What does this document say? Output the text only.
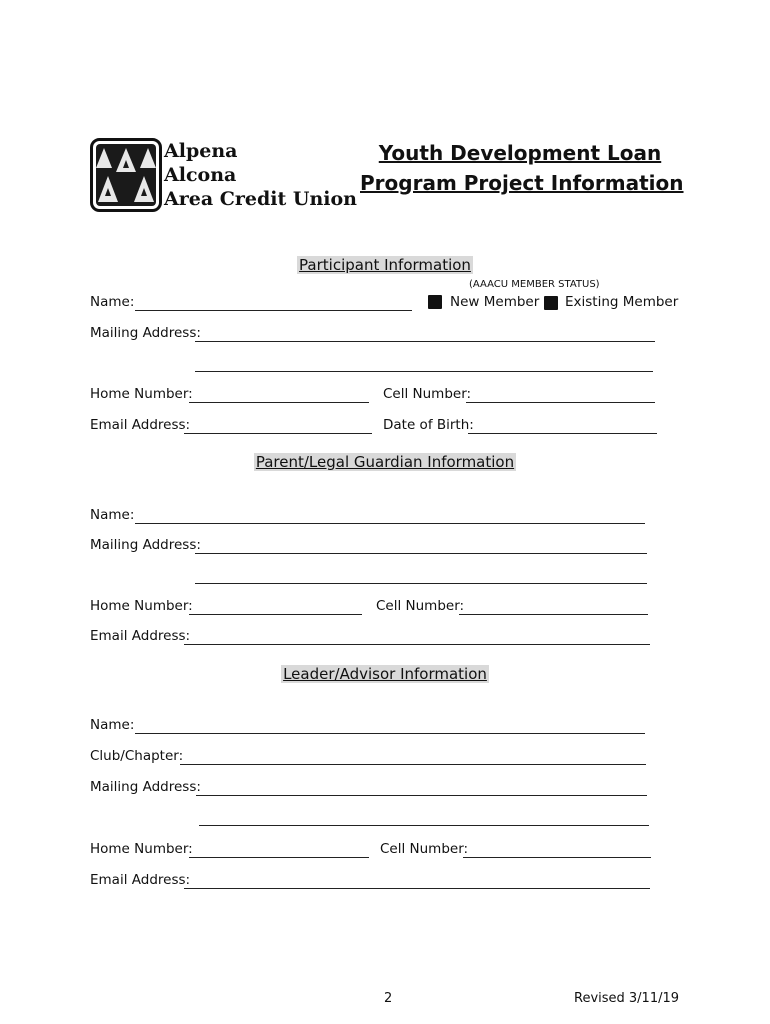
Alpena
Alcona
Area Credit Union
Youth Development Loan
Program Project Information
Participant Information
(AAACU MEMBER STATUS)
Name:	New Member Existing Member
Mailing Address:
Home Number:	Cell Number:
Email Address:	Date of Birth:
Parent/Legal Guardian Information
Name:
Mailing Address:
Home Number:	Cell Number:
Email Address:
Leader/Advisor Information
Name:
Club/Chapter:
Mailing Address:
Home Number:	Cell Number:
Email Address:
2	Revised 3/11/19
